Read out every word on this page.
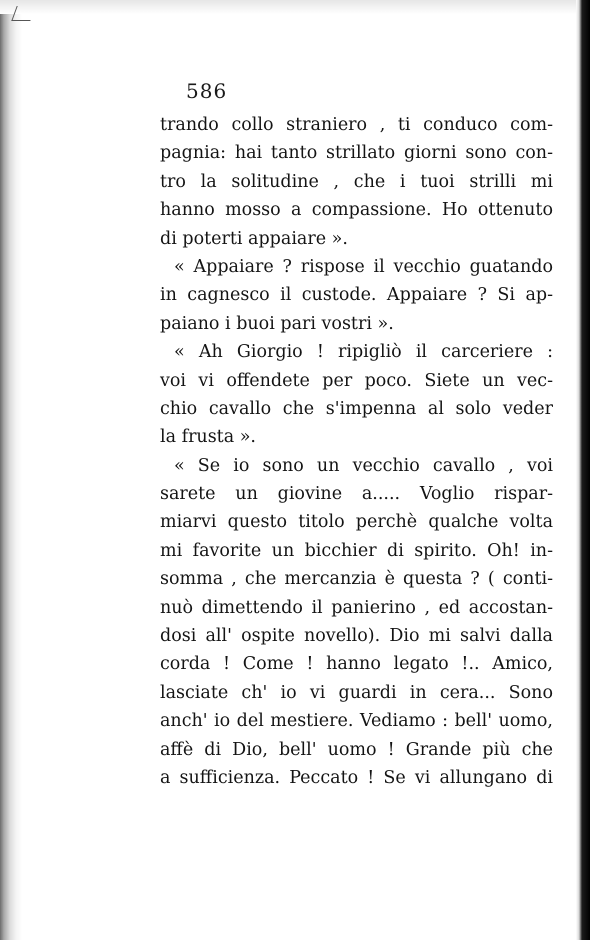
586
trando collo straniero , ti conduco com-
pagnia: hai tanto strillato giorni sono con-
tro la solitudine , che i tuoi strilli mi
hanno mosso a compassione. Ho ottenuto
di poterti appaiare ».
« Appaiare ? rispose il vecchio guatando
in cagnesco il custode. Appaiare ? Si ap-
paiano i buoi pari vostri ».
« Ah Giorgio ! ripigliò il carceriere :
voi vi offendete per poco. Siete un vec-
chio cavallo che s'impenna al solo veder
la frusta ».
« Se io sono un vecchio cavallo , voi
sarete un giovine a..... Voglio rispar-
miarvi questo titolo perchè qualche volta
mi favorite un bicchier di spirito. Oh! in-
somma , che mercanzia è questa ? ( conti-
nuò dimettendo il panierino , ed accostan-
dosi all' ospite novello). Dio mi salvi dalla
corda ! Come ! hanno legato !.. Amico,
lasciate ch' io vi guardi in cera... Sono
anch' io del mestiere. Vediamo : bell' uomo,
affè di Dio, bell' uomo ! Grande più che
a sufficienza. Peccato ! Se vi allungano di
